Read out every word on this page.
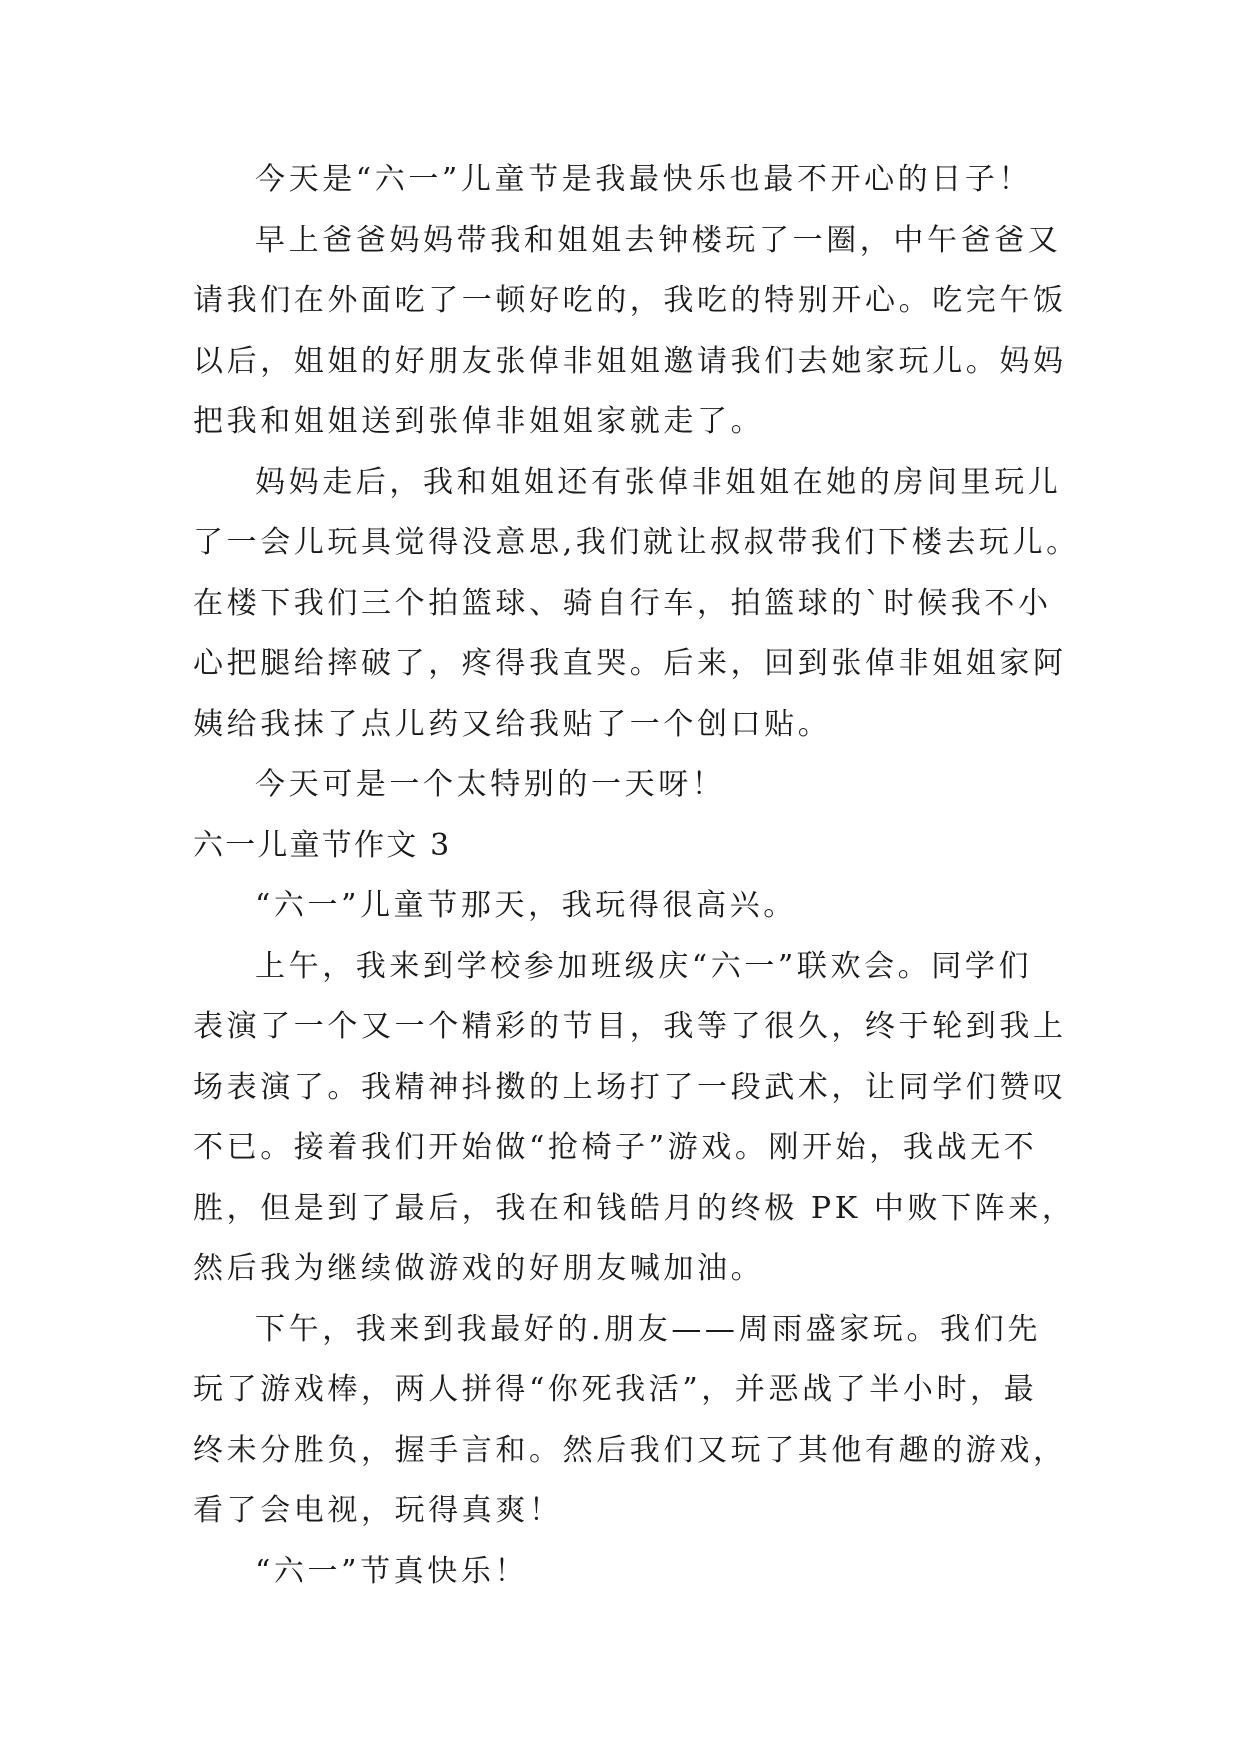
今天是“六一”儿童节是我最快乐也最不开心的日子！

早上爸爸妈妈带我和姐姐去钟楼玩了一圈，中午爸爸又

请我们在外面吃了一顿好吃的，我吃的特别开心。吃完午饭

以后，姐姐的好朋友张倬非姐姐邀请我们去她家玩儿。妈妈

把我和姐姐送到张倬非姐姐家就走了。

妈妈走后，我和姐姐还有张倬非姐姐在她的房间里玩儿

了一会儿玩具觉得没意思,我们就让叔叔带我们下楼去玩儿。

在楼下我们三个拍篮球、骑自行车，拍篮球的`时候我不小

心把腿给摔破了，疼得我直哭。后来，回到张倬非姐姐家阿

姨给我抹了点儿药又给我贴了一个创口贴。

今天可是一个太特别的一天呀！

六一儿童节作文 3

“六一”儿童节那天，我玩得很高兴。

上午，我来到学校参加班级庆“六一”联欢会。同学们

表演了一个又一个精彩的节目，我等了很久，终于轮到我上

场表演了。我精神抖擞的上场打了一段武术，让同学们赞叹

不已。接着我们开始做“抢椅子”游戏。刚开始，我战无不

胜，但是到了最后，我在和钱皓月的终极 PK 中败下阵来，

然后我为继续做游戏的好朋友喊加油。

下午，我来到我最好的.朋友——周雨盛家玩。我们先

玩了游戏棒，两人拼得“你死我活”，并恶战了半小时，最

终未分胜负，握手言和。然后我们又玩了其他有趣的游戏，

看了会电视，玩得真爽！

“六一”节真快乐！
